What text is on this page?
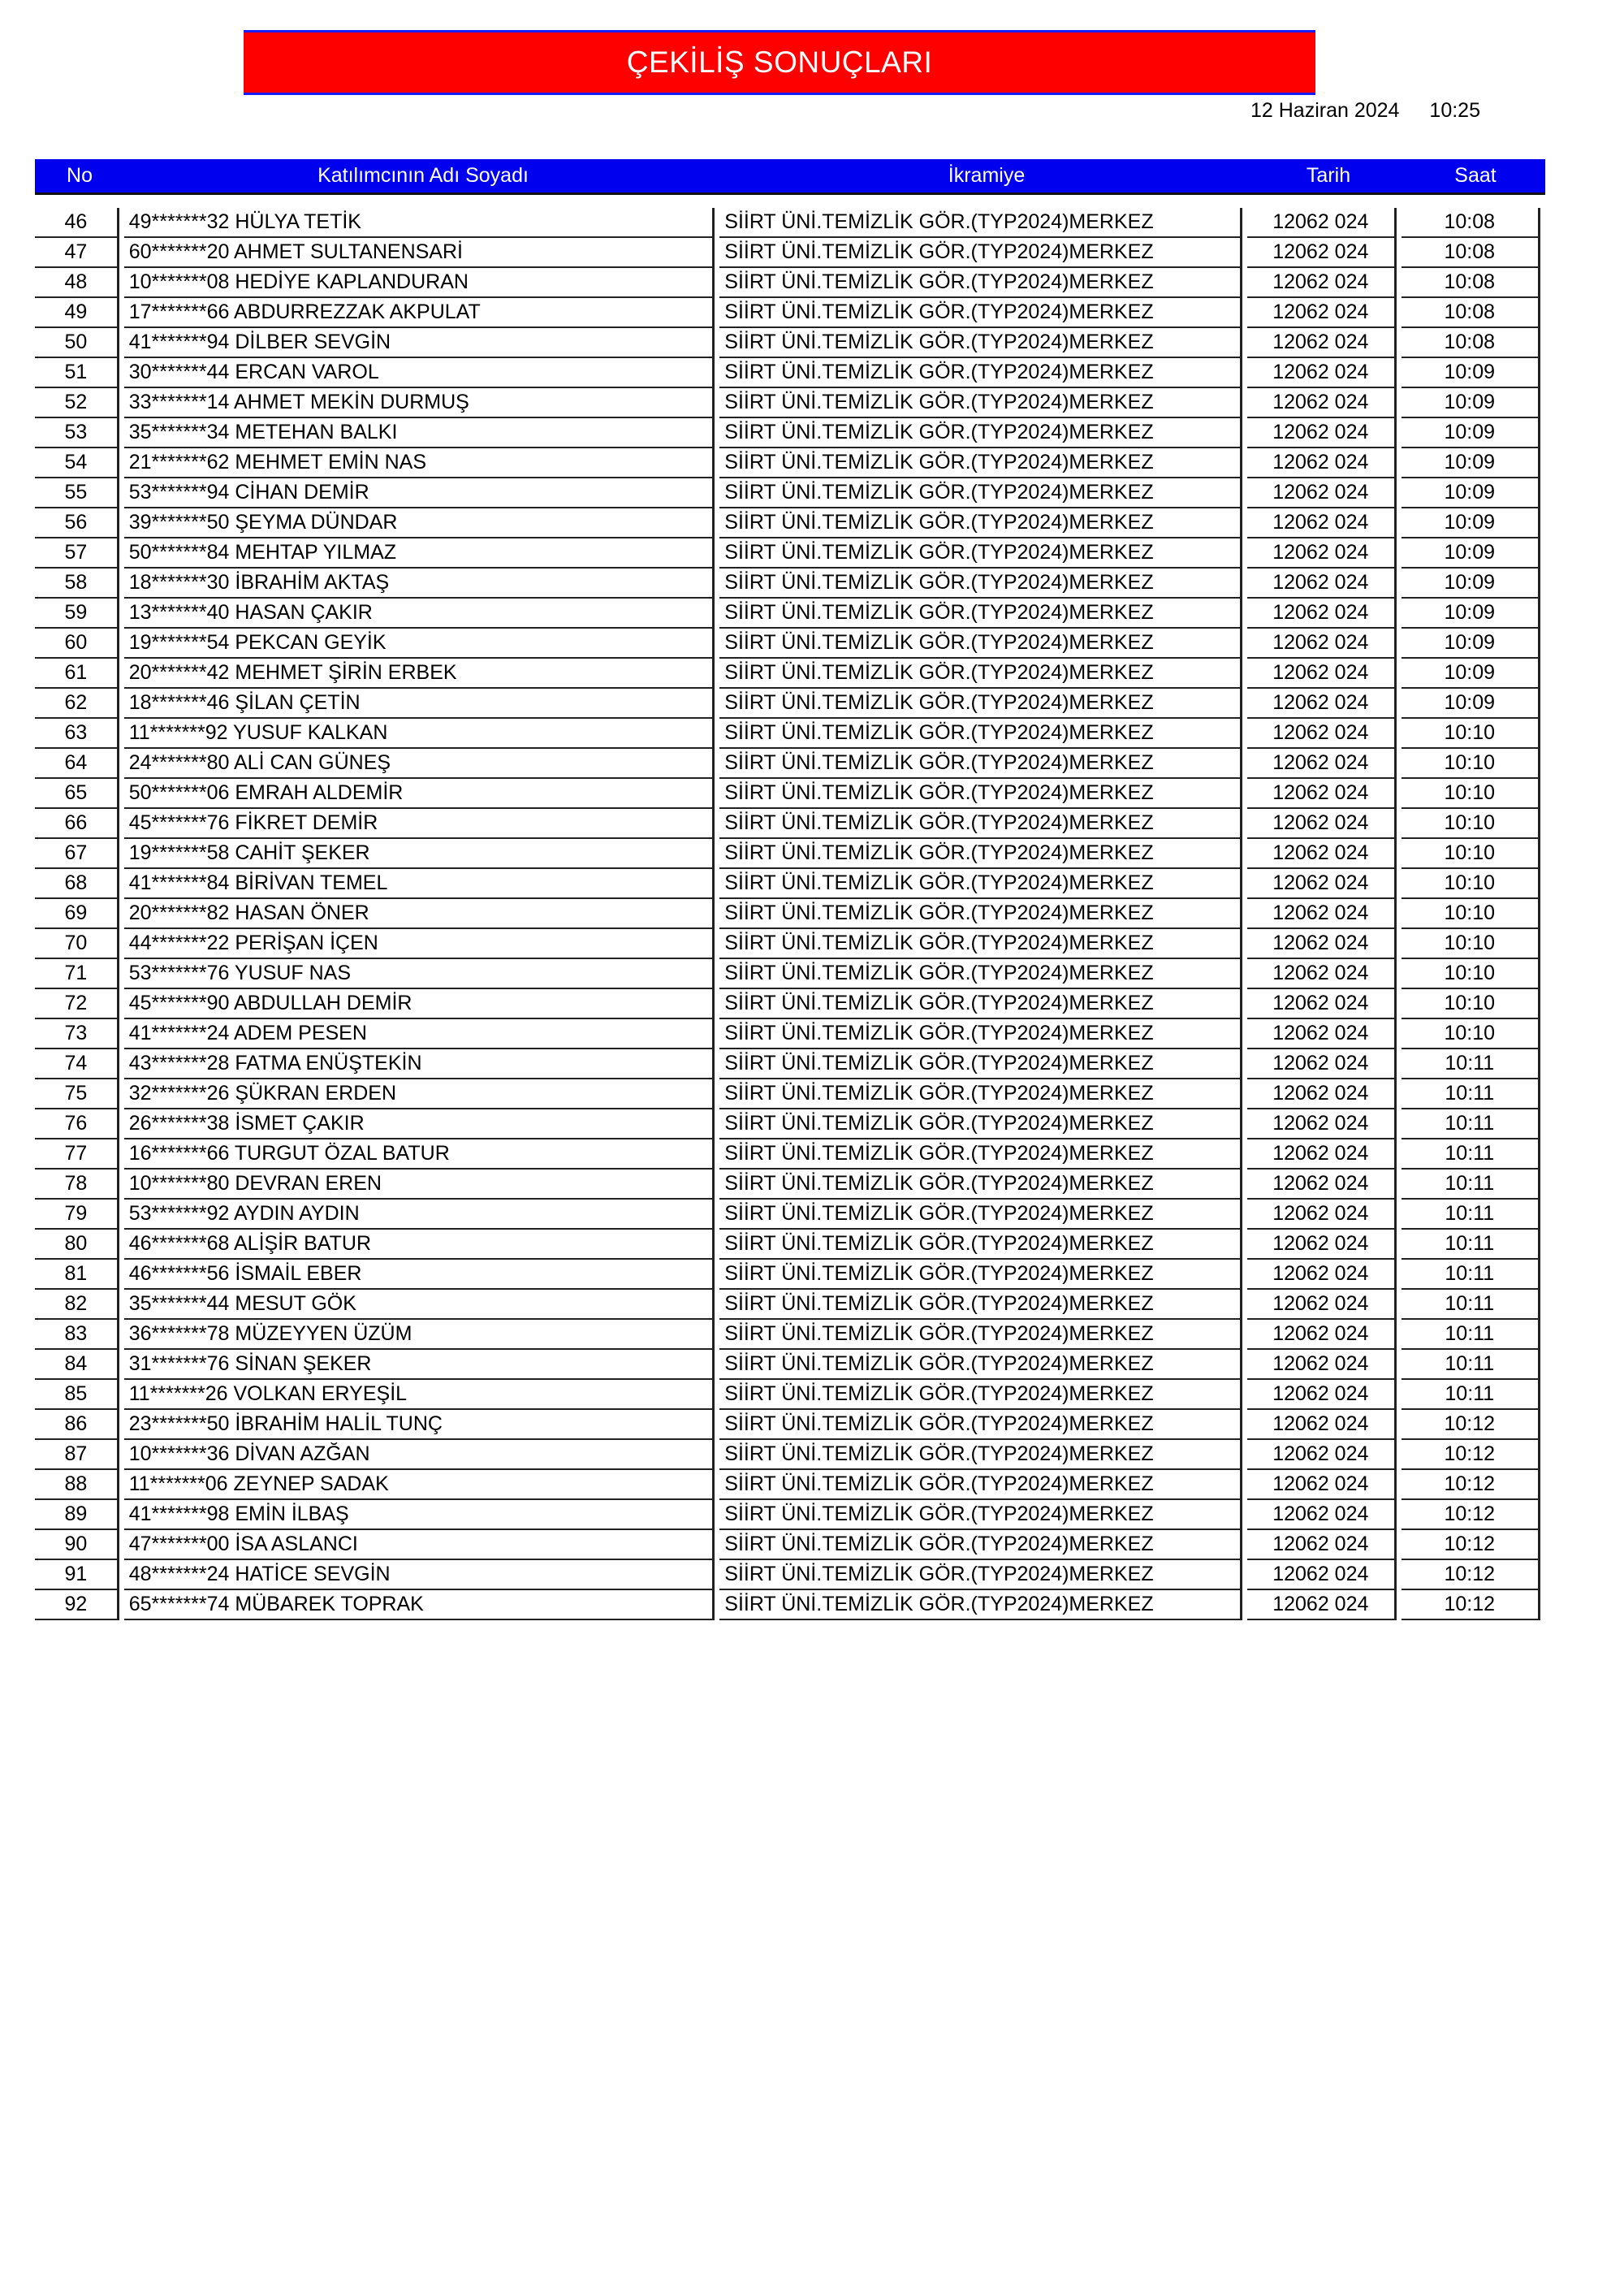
ÇEKİLİŞ SONUÇLARI
12 Haziran 2024 10:25
No	Katılımcının Adı Soyadı	İkramiye	Tarih	Saat
46	49*******32 HÜLYA TETİK	SİİRT ÜNİ.TEMİZLİK GÖR.(TYP2024)MERKEZ	12062 024	10:08
47	60*******20 AHMET SULTANENSARİ	SİİRT ÜNİ.TEMİZLİK GÖR.(TYP2024)MERKEZ	12062 024	10:08
48	10*******08 HEDİYE KAPLANDURAN	SİİRT ÜNİ.TEMİZLİK GÖR.(TYP2024)MERKEZ	12062 024	10:08
49	17*******66 ABDURREZZAK AKPULAT	SİİRT ÜNİ.TEMİZLİK GÖR.(TYP2024)MERKEZ	12062 024	10:08
50	41*******94 DİLBER SEVGİN	SİİRT ÜNİ.TEMİZLİK GÖR.(TYP2024)MERKEZ	12062 024	10:08
51	30*******44 ERCAN VAROL	SİİRT ÜNİ.TEMİZLİK GÖR.(TYP2024)MERKEZ	12062 024	10:09
52	33*******14 AHMET MEKİN DURMUŞ	SİİRT ÜNİ.TEMİZLİK GÖR.(TYP2024)MERKEZ	12062 024	10:09
53	35*******34 METEHAN BALKI	SİİRT ÜNİ.TEMİZLİK GÖR.(TYP2024)MERKEZ	12062 024	10:09
54	21*******62 MEHMET EMİN NAS	SİİRT ÜNİ.TEMİZLİK GÖR.(TYP2024)MERKEZ	12062 024	10:09
55	53*******94 CİHAN DEMİR	SİİRT ÜNİ.TEMİZLİK GÖR.(TYP2024)MERKEZ	12062 024	10:09
56	39*******50 ŞEYMA DÜNDAR	SİİRT ÜNİ.TEMİZLİK GÖR.(TYP2024)MERKEZ	12062 024	10:09
57	50*******84 MEHTAP YILMAZ	SİİRT ÜNİ.TEMİZLİK GÖR.(TYP2024)MERKEZ	12062 024	10:09
58	18*******30 İBRAHİM AKTAŞ	SİİRT ÜNİ.TEMİZLİK GÖR.(TYP2024)MERKEZ	12062 024	10:09
59	13*******40 HASAN ÇAKIR	SİİRT ÜNİ.TEMİZLİK GÖR.(TYP2024)MERKEZ	12062 024	10:09
60	19*******54 PEKCAN GEYİK	SİİRT ÜNİ.TEMİZLİK GÖR.(TYP2024)MERKEZ	12062 024	10:09
61	20*******42 MEHMET ŞİRİN ERBEK	SİİRT ÜNİ.TEMİZLİK GÖR.(TYP2024)MERKEZ	12062 024	10:09
62	18*******46 ŞİLAN ÇETİN	SİİRT ÜNİ.TEMİZLİK GÖR.(TYP2024)MERKEZ	12062 024	10:09
63	11*******92 YUSUF KALKAN	SİİRT ÜNİ.TEMİZLİK GÖR.(TYP2024)MERKEZ	12062 024	10:10
64	24*******80 ALİ CAN GÜNEŞ	SİİRT ÜNİ.TEMİZLİK GÖR.(TYP2024)MERKEZ	12062 024	10:10
65	50*******06 EMRAH ALDEMİR	SİİRT ÜNİ.TEMİZLİK GÖR.(TYP2024)MERKEZ	12062 024	10:10
66	45*******76 FİKRET DEMİR	SİİRT ÜNİ.TEMİZLİK GÖR.(TYP2024)MERKEZ	12062 024	10:10
67	19*******58 CAHİT ŞEKER	SİİRT ÜNİ.TEMİZLİK GÖR.(TYP2024)MERKEZ	12062 024	10:10
68	41*******84 BİRİVAN TEMEL	SİİRT ÜNİ.TEMİZLİK GÖR.(TYP2024)MERKEZ	12062 024	10:10
69	20*******82 HASAN ÖNER	SİİRT ÜNİ.TEMİZLİK GÖR.(TYP2024)MERKEZ	12062 024	10:10
70	44*******22 PERİŞAN İÇEN	SİİRT ÜNİ.TEMİZLİK GÖR.(TYP2024)MERKEZ	12062 024	10:10
71	53*******76 YUSUF NAS	SİİRT ÜNİ.TEMİZLİK GÖR.(TYP2024)MERKEZ	12062 024	10:10
72	45*******90 ABDULLAH DEMİR	SİİRT ÜNİ.TEMİZLİK GÖR.(TYP2024)MERKEZ	12062 024	10:10
73	41*******24 ADEM PESEN	SİİRT ÜNİ.TEMİZLİK GÖR.(TYP2024)MERKEZ	12062 024	10:10
74	43*******28 FATMA ENÜŞTEKİN	SİİRT ÜNİ.TEMİZLİK GÖR.(TYP2024)MERKEZ	12062 024	10:11
75	32*******26 ŞÜKRAN ERDEN	SİİRT ÜNİ.TEMİZLİK GÖR.(TYP2024)MERKEZ	12062 024	10:11
76	26*******38 İSMET ÇAKIR	SİİRT ÜNİ.TEMİZLİK GÖR.(TYP2024)MERKEZ	12062 024	10:11
77	16*******66 TURGUT ÖZAL BATUR	SİİRT ÜNİ.TEMİZLİK GÖR.(TYP2024)MERKEZ	12062 024	10:11
78	10*******80 DEVRAN EREN	SİİRT ÜNİ.TEMİZLİK GÖR.(TYP2024)MERKEZ	12062 024	10:11
79	53*******92 AYDIN AYDIN	SİİRT ÜNİ.TEMİZLİK GÖR.(TYP2024)MERKEZ	12062 024	10:11
80	46*******68 ALİŞİR BATUR	SİİRT ÜNİ.TEMİZLİK GÖR.(TYP2024)MERKEZ	12062 024	10:11
81	46*******56 İSMAİL EBER	SİİRT ÜNİ.TEMİZLİK GÖR.(TYP2024)MERKEZ	12062 024	10:11
82	35*******44 MESUT GÖK	SİİRT ÜNİ.TEMİZLİK GÖR.(TYP2024)MERKEZ	12062 024	10:11
83	36*******78 MÜZEYYEN ÜZÜM	SİİRT ÜNİ.TEMİZLİK GÖR.(TYP2024)MERKEZ	12062 024	10:11
84	31*******76 SİNAN ŞEKER	SİİRT ÜNİ.TEMİZLİK GÖR.(TYP2024)MERKEZ	12062 024	10:11
85	11*******26 VOLKAN ERYEŞİL	SİİRT ÜNİ.TEMİZLİK GÖR.(TYP2024)MERKEZ	12062 024	10:11
86	23*******50 İBRAHİM HALİL TUNÇ	SİİRT ÜNİ.TEMİZLİK GÖR.(TYP2024)MERKEZ	12062 024	10:12
87	10*******36 DİVAN AZĞAN	SİİRT ÜNİ.TEMİZLİK GÖR.(TYP2024)MERKEZ	12062 024	10:12
88	11*******06 ZEYNEP SADAK	SİİRT ÜNİ.TEMİZLİK GÖR.(TYP2024)MERKEZ	12062 024	10:12
89	41*******98 EMİN İLBAŞ	SİİRT ÜNİ.TEMİZLİK GÖR.(TYP2024)MERKEZ	12062 024	10:12
90	47*******00 İSA ASLANCI	SİİRT ÜNİ.TEMİZLİK GÖR.(TYP2024)MERKEZ	12062 024	10:12
91	48*******24 HATİCE SEVGİN	SİİRT ÜNİ.TEMİZLİK GÖR.(TYP2024)MERKEZ	12062 024	10:12
92	65*******74 MÜBAREK TOPRAK	SİİRT ÜNİ.TEMİZLİK GÖR.(TYP2024)MERKEZ	12062 024	10:12
